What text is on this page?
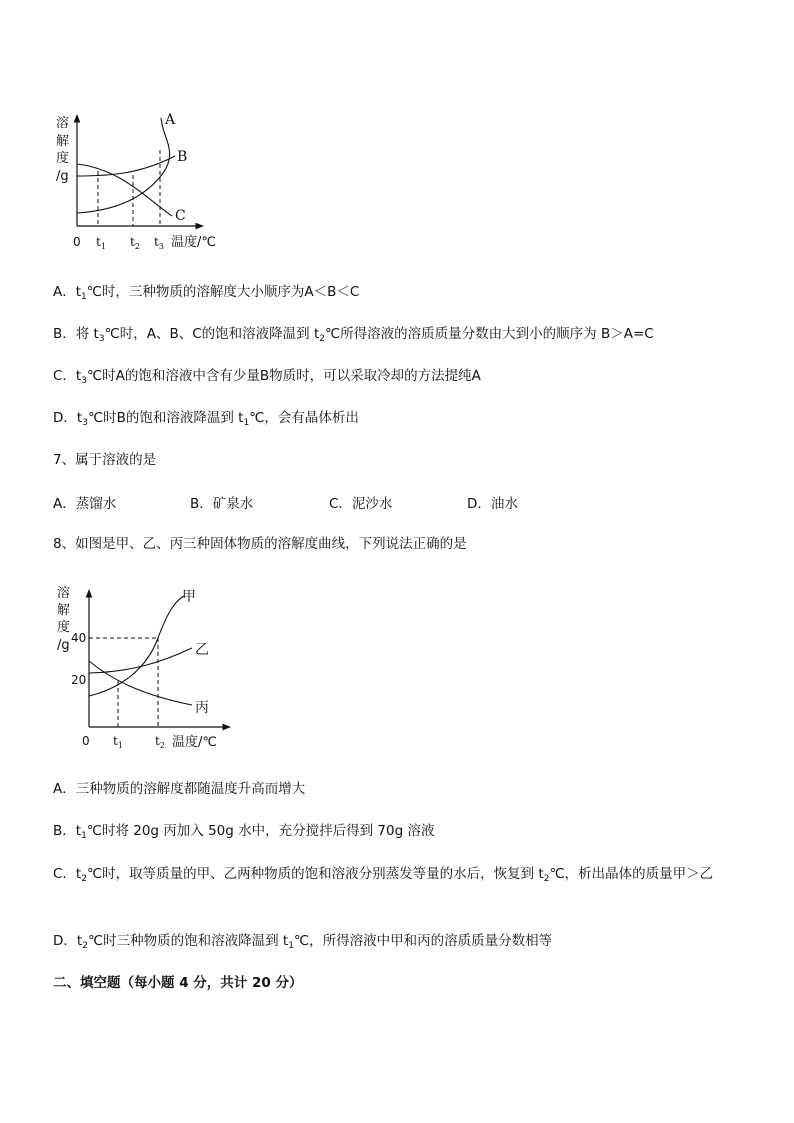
溶
解
度
/g
A
B
C
0 $t_1$ $t_2$ $t_3$ 温度/℃
A．$t_1℃$时，三种物质的溶解度大小顺序为A＜B＜C
B．将 $t_3℃$时，A、B、C的饱和溶液降温到 $t_2℃$所得溶液的溶质质量分数由大到小的顺序为 B＞A=C
C．$t_3℃$时A的饱和溶液中含有少量B物质时，可以采取冷却的方法提纯A
D．$t_3℃$时B的饱和溶液降温到 $t_1℃$，会有晶体析出
7、属于溶液的是
A．蒸馏水	B．矿泉水	C．泥沙水	D．油水
8、如图是甲、乙、丙三种固体物质的溶解度曲线，下列说法正确的是
溶
解
度
/g 40
20
甲
乙
丙
0 $t_1$	$t_2$ 温度/℃
A．三种物质的溶解度都随温度升高而增大
B．$t_1℃$时将 20g 丙加入 50g 水中，充分搅拌后得到 70g 溶液
C．$t_2℃$时，取等质量的甲、乙两种物质的饱和溶液分别蒸发等量的水后，恢复到 $t_2℃$，析出晶体的质量甲＞乙
D．$t_2℃$时三种物质的饱和溶液降温到 $t_1℃$，所得溶液中甲和丙的溶质质量分数相等
二、填空题（每小题 4 分，共计 20 分）
